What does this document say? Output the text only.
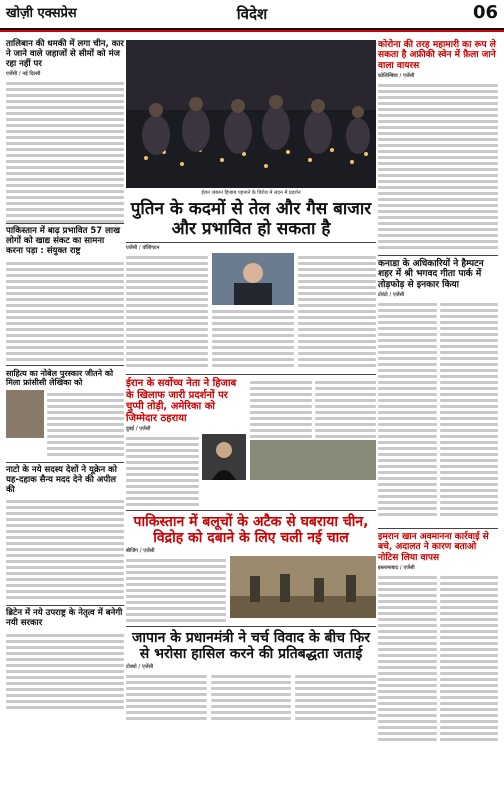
विदेश
खोज़ी एक्सप्रेस	06
तालिबान की धमकी में लगा चीन, कार ने जाने वाले जहाजों से सीमों को मंज रहा नहीं पर
एजेंसी / नई दिल्ली
पाकिस्तान में बाढ़ प्रभावित 57 लाख लोगों को खाद्य संकट का सामना करना पड़ा : संयुक्त राष्ट्र
साहित्य का नोबेल पुरस्कार जीतने को मिला फ्रांसीसी लेखिका को
नाटो के नये सदस्य देशों ने यूक्रेन को यह-दहाक सैन्य मदद देने की अपील की
ब्रिटेन में नये उपराष्ट्र के नेतृत्व में बनेगी नयी सरकार
ईरान जबरन हिजाब पहनाने के विरोध में लंदन में प्रदर्शन
पुतिन के कदमों से तेल और गैस बाजार और प्रभावित हो सकता है
एजेंसी / वॉशिंगटन
ईरान के सर्वोच्च नेता ने हिजाब के खिलाफ जारी प्रदर्शनों पर चुप्पी तोड़ी, अमेरिका को जिम्मेदार ठहराया
दुबई / एजेंसी
पाकिस्तान में बलूचों के अटैक से घबराया चीन, विद्रोह को दबाने के लिए चली नई चाल
बीजिंग / एजेंसी
जापान के प्रधानमंत्री ने चर्च विवाद के बीच फिर से भरोसा हासिल करने की प्रतिबद्धता जताई
टोक्यो / एजेंसी
कोरोना की तरह महामारी का रूप ले सकता है अफ्रीकी स्वेन में फ़ैला जाने वाला वायरस
कोलिम्बिया / एजेंसी
कनाडा के अधिकारियों ने हैम्पटन शहर में श्री भगवद गीता पार्क में तोड़फोड़ से इनकार किया
टोरंटो / एजेंसी
इमरान खान अवमानना कार्रवाई से बचे, अदालत ने कारण बताओ नोटिस लिया वापस
इस्लामाबाद / एजेंसी
